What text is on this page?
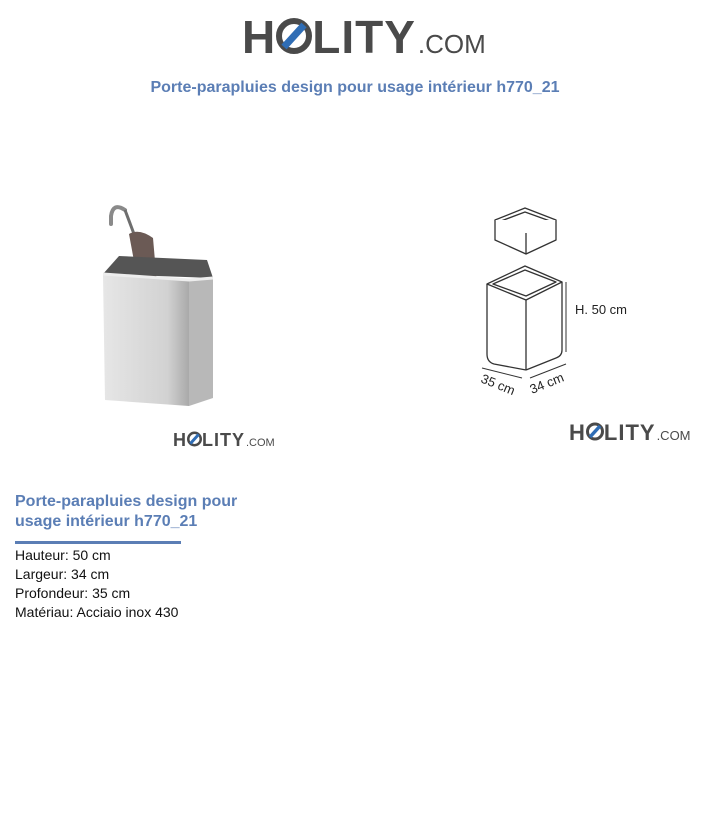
H LITY .COM
Porte-parapluies design pour usage intérieur h770_21
H LITY .COM
H. 50 cm
35 cm 34 cm
H LITY .COM
Porte-parapluies design pour usage intérieur h770_21
Hauteur: 50 cm
Largeur: 34 cm
Profondeur: 35 cm
Matériau: Acciaio inox 430
